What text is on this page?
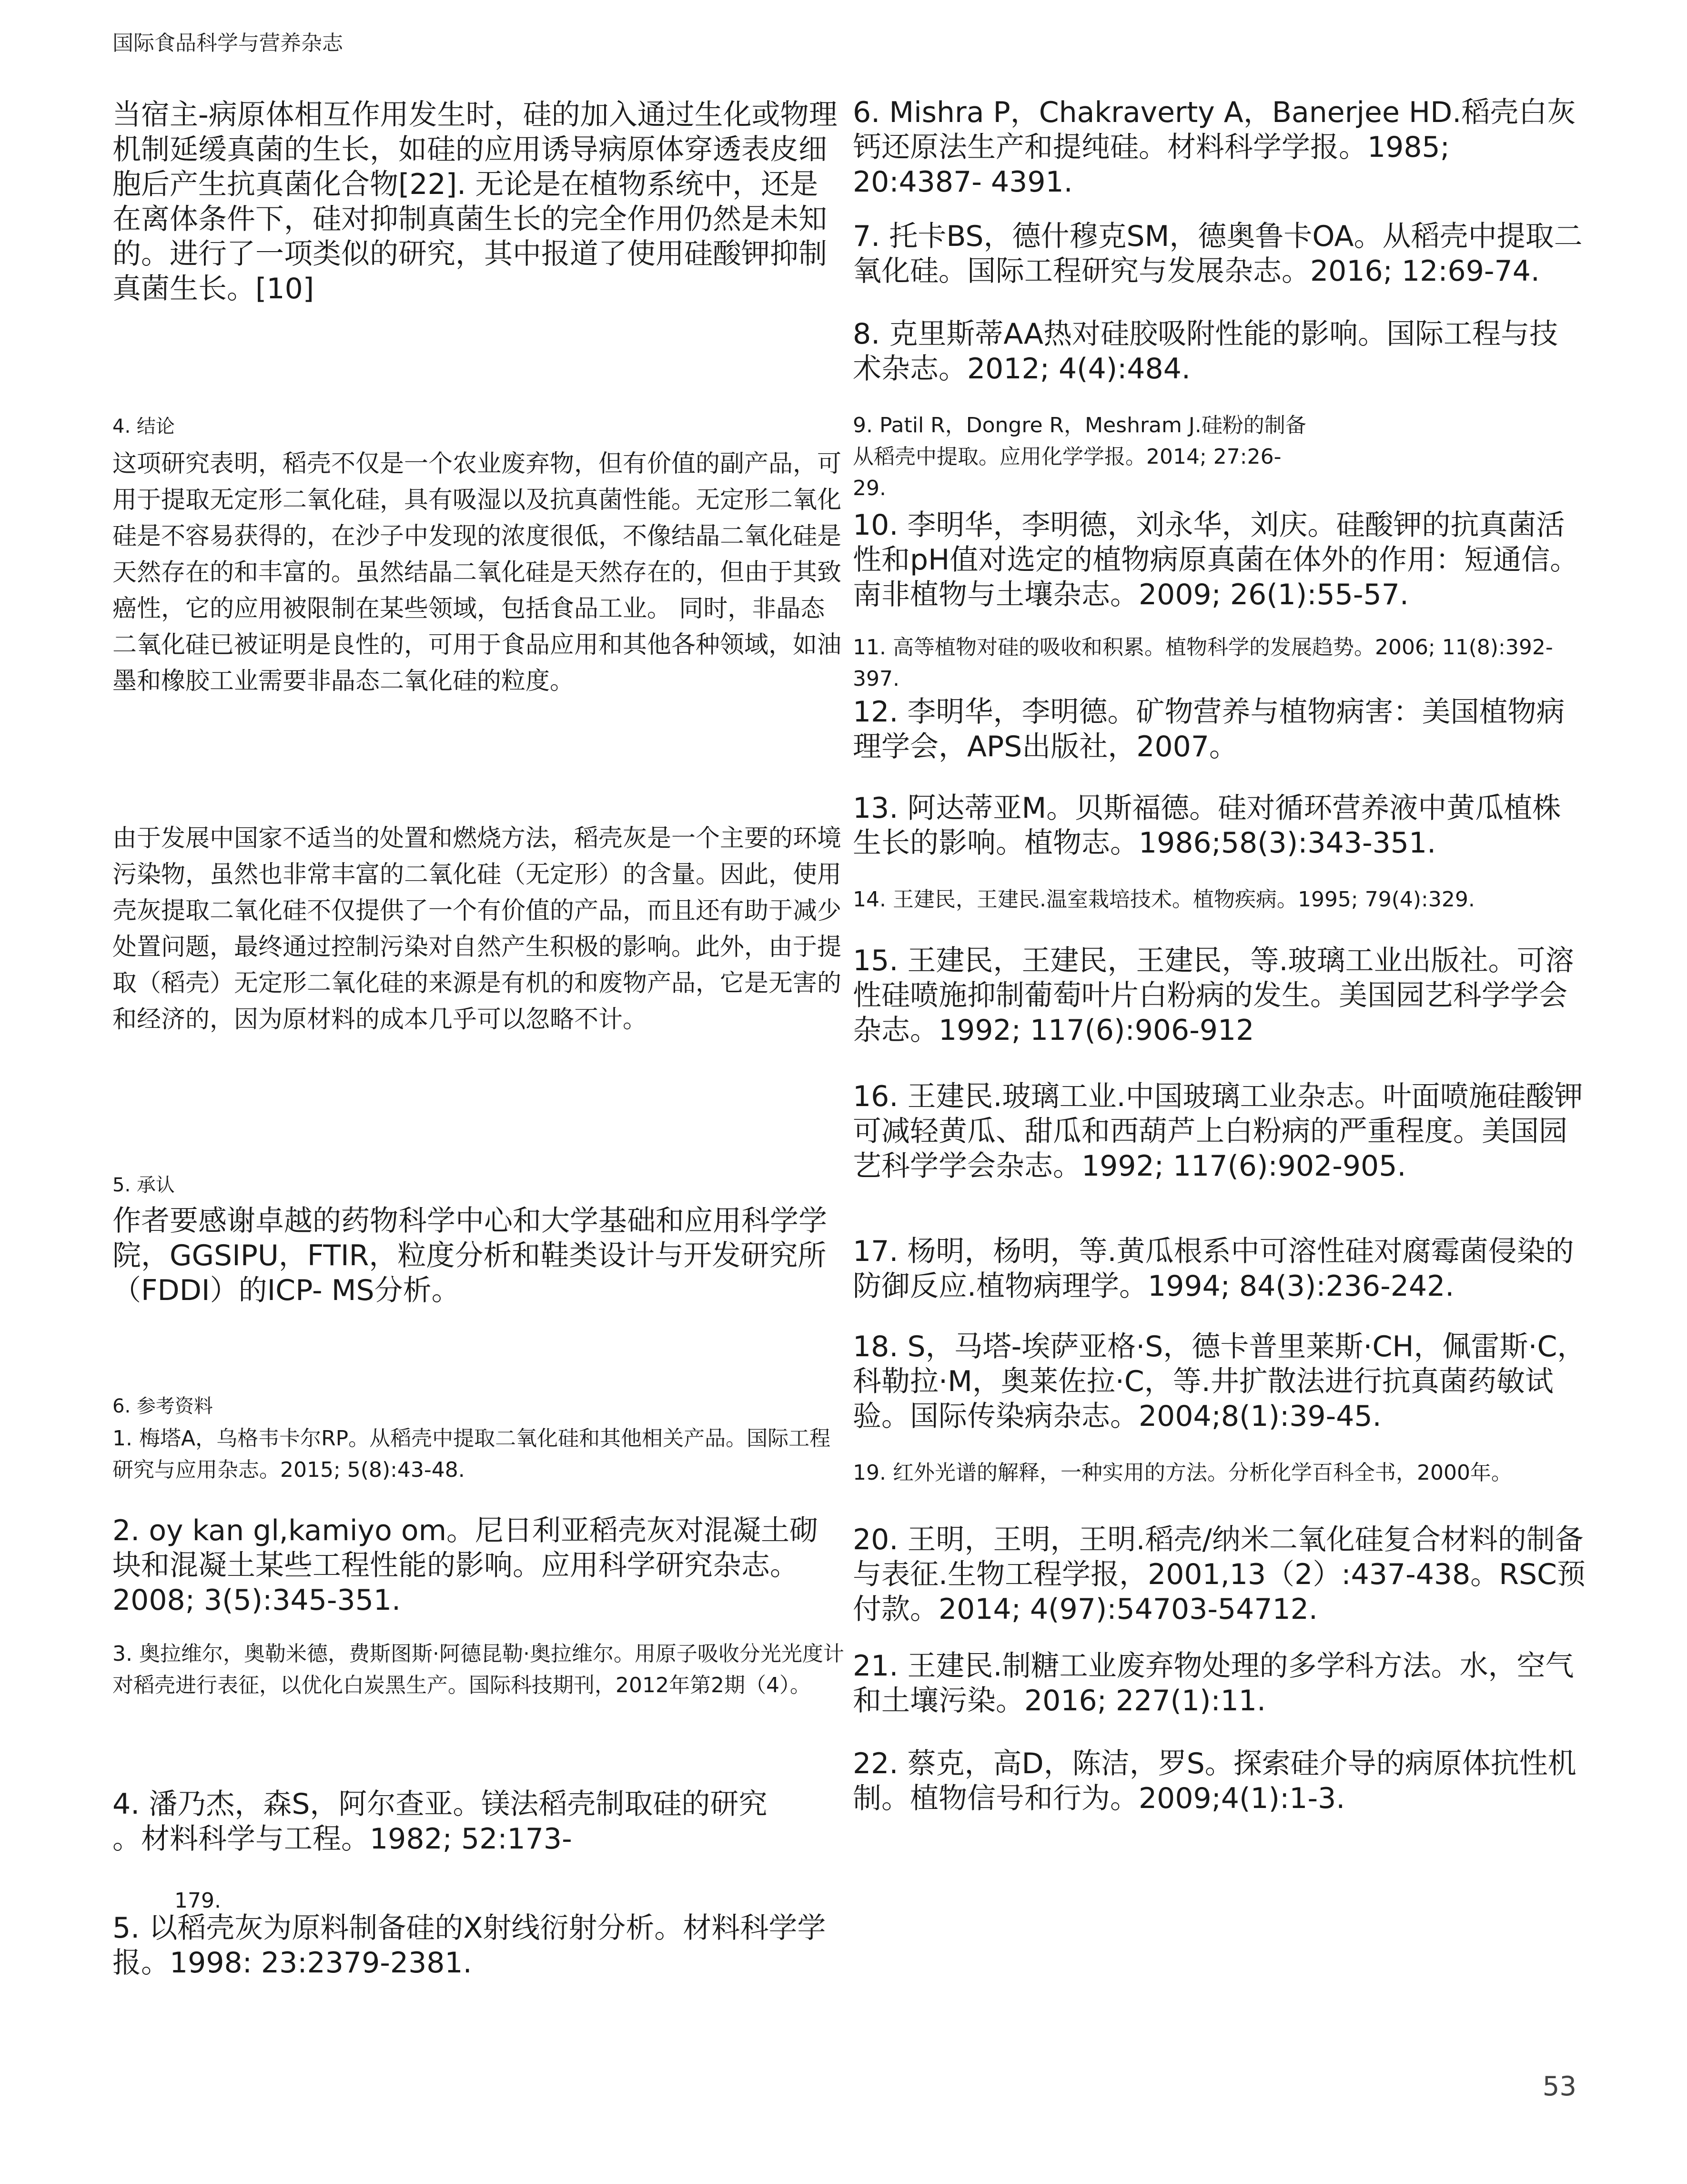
国际食品科学与营养杂志

当宿主-病原体相互作用发生时，硅的加入通过生化或物理机制延缓真菌的生长，如硅的应用诱导病原体穿透表皮细胞后产生抗真菌化合物[22]. 无论是在植物系统中，还是在离体条件下，硅对抑制真菌生长的完全作用仍然是未知的。进行了一项类似的研究，其中报道了使用硅酸钾抑制真菌生长。[10]

4. 结论

这项研究表明，稻壳不仅是一个农业废弃物，但有价值的副产品，可用于提取无定形二氧化硅，具有吸湿以及抗真菌性能。无定形二氧化硅是不容易获得的，在沙子中发现的浓度很低，不像结晶二氧化硅是天然存在的和丰富的。虽然结晶二氧化硅是天然存在的，但由于其致癌性，它的应用被限制在某些领域，包括食品工业。 同时，非晶态二氧化硅已被证明是良性的，可用于食品应用和其他各种领域，如油墨和橡胶工业需要非晶态二氧化硅的粒度。

由于发展中国家不适当的处置和燃烧方法，稻壳灰是一个主要的环境污染物，虽然也非常丰富的二氧化硅（无定形）的含量。因此，使用壳灰提取二氧化硅不仅提供了一个有价值的产品，而且还有助于减少处置问题，最终通过控制污染对自然产生积极的影响。此外，由于提取（稻壳）无定形二氧化硅的来源是有机的和废物产品，它是无害的和经济的，因为原材料的成本几乎可以忽略不计。

5. 承认

作者要感谢卓越的药物科学中心和大学基础和应用科学学院，GGSIPU，FTIR，粒度分析和鞋类设计与开发研究所（FDDI）的ICP- MS分析。

6. 参考资料
1. 梅塔A，乌格韦卡尔RP。从稻壳中提取二氧化硅和其他相关产品。国际工程研究与应用杂志。2015; 5(8):43-48.
2. oy kan gl,kamiyo om。尼日利亚稻壳灰对混凝土砌块和混凝土某些工程性能的影响。应用科学研究杂志。2008; 3(5):345-351.
3. 奥拉维尔，奥勒米德，费斯图斯·阿德昆勒·奥拉维尔。用原子吸收分光光度计对稻壳进行表征，以优化白炭黑生产。国际科技期刊，2012年第2期（4）。
4. 潘乃杰，森S，阿尔查亚。镁法稻壳制取硅的研究
。材料科学与工程。1982; 52:173-
179.
5. 以稻壳灰为原料制备硅的X射线衍射分析。材料科学学报。1998: 23:2379-2381.
6. Mishra P，Chakraverty A，Banerjee HD.稻壳白灰钙还原法生产和提纯硅。材料科学学报。1985; 20:4387- 4391.
7. 托卡BS，德什穆克SM，德奥鲁卡OA。从稻壳中提取二氧化硅。国际工程研究与发展杂志。2016; 12:69-74.
8. 克里斯蒂AA热对硅胶吸附性能的影响。国际工程与技术杂志。2012; 4(4):484.
9. Patil R，Dongre R，Meshram J.硅粉的制备
从稻壳中提取。应用化学学报。2014; 27:26-
29.
10. 李明华，李明德，刘永华，刘庆。硅酸钾的抗真菌活性和pH值对选定的植物病原真菌在体外的作用：短通信。南非植物与土壤杂志。2009; 26(1):55-57.
11. 高等植物对硅的吸收和积累。植物科学的发展趋势。2006; 11(8):392-397.
12. 李明华，李明德。矿物营养与植物病害：美国植物病理学会，APS出版社，2007。
13. 阿达蒂亚M。贝斯福德。硅对循环营养液中黄瓜植株生长的影响。植物志。1986;58(3):343-351.
14. 王建民，王建民.温室栽培技术。植物疾病。1995; 79(4):329.
15. 王建民，王建民，王建民，等.玻璃工业出版社。可溶性硅喷施抑制葡萄叶片白粉病的发生。美国园艺科学学会杂志。1992; 117(6):906-912
16. 王建民.玻璃工业.中国玻璃工业杂志。叶面喷施硅酸钾可减轻黄瓜、甜瓜和西葫芦上白粉病的严重程度。美国园艺科学学会杂志。1992; 117(6):902-905.
17. 杨明，杨明，等.黄瓜根系中可溶性硅对腐霉菌侵染的防御反应.植物病理学。1994; 84(3):236-242.
18. S，马塔-埃萨亚格·S，德卡普里莱斯·CH，佩雷斯·C，科勒拉·M，奥莱佐拉·C，等.井扩散法进行抗真菌药敏试验。国际传染病杂志。2004;8(1):39-45.
19. 红外光谱的解释，一种实用的方法。分析化学百科全书，2000年。
20. 王明，王明，王明.稻壳/纳米二氧化硅复合材料的制备与表征.生物工程学报，2001,13（2）:437-438。RSC预付款。2014; 4(97):54703-54712.
21. 王建民.制糖工业废弃物处理的多学科方法。水，空气和土壤污染。2016; 227(1):11.
22. 蔡克，高D，陈洁，罗S。探索硅介导的病原体抗性机制。植物信号和行为。2009;4(1):1-3.
53
